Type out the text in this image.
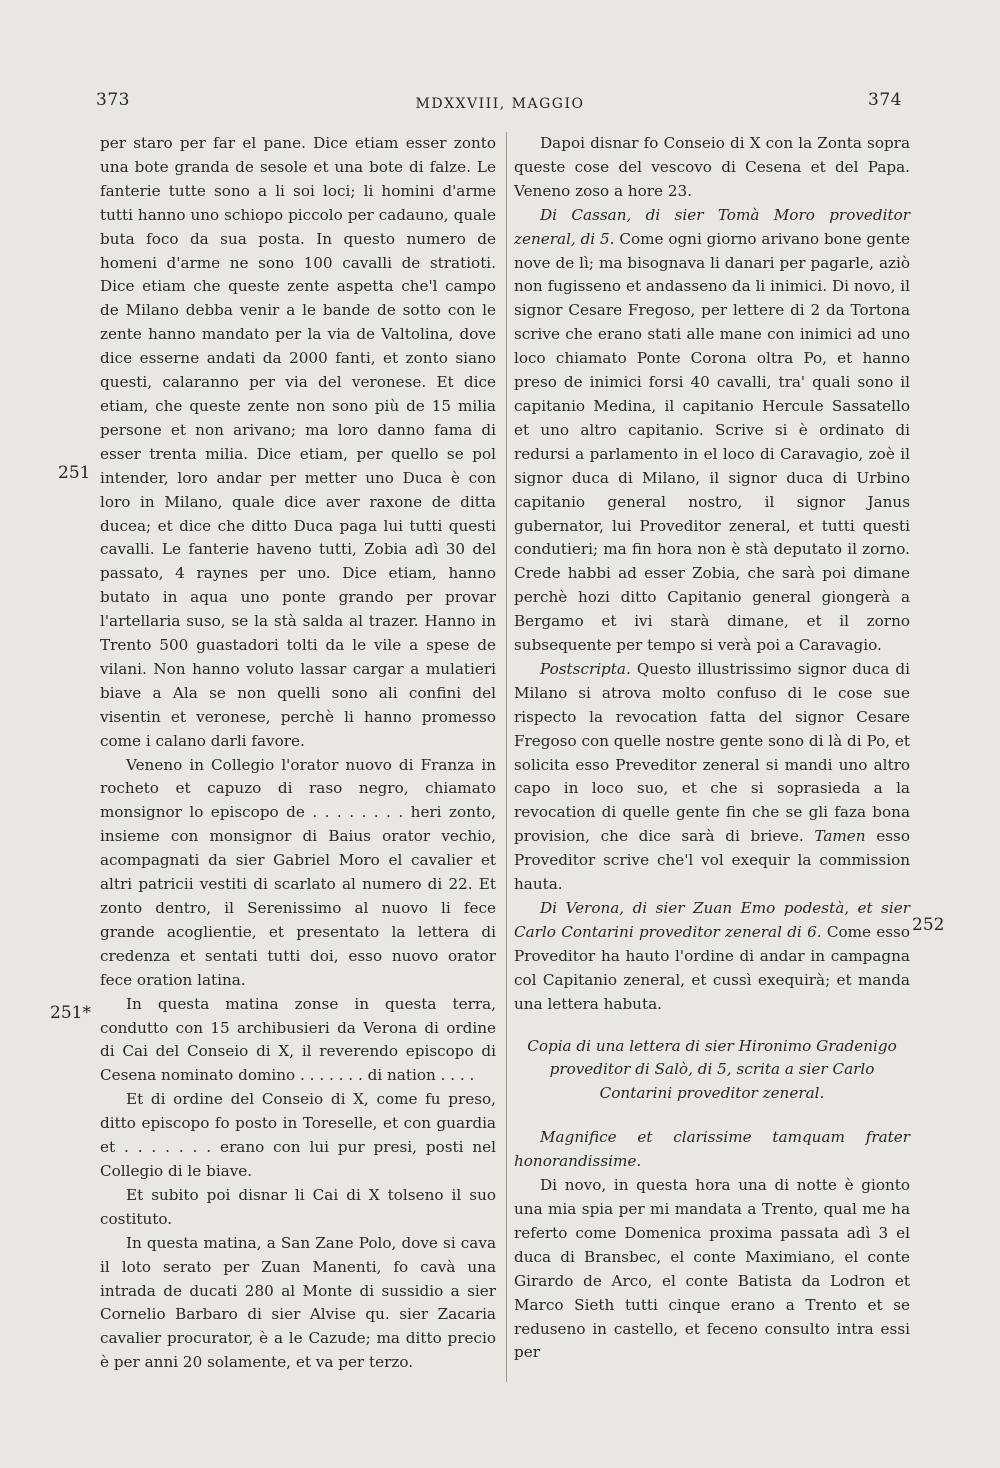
373	MDXXVIII, MAGGIO	374
251
251*
252

per staro per far el pane. Dice etiam esser zonto una bote granda de sesole et una bote di falze. Le fanterie tutte sono a li soi loci; li homini d'arme tutti hanno uno schiopo piccolo per cadauno, quale buta foco da sua posta. In questo numero de homeni d'arme ne sono 100 cavalli de stratioti. Dice etiam che queste zente aspetta che'l campo de Milano debba venir a le bande de sotto con le zente hanno mandato per la via de Valtolina, dove dice esserne andati da 2000 fanti, et zonto siano questi, calaranno per via del veronese. Et dice etiam, che queste zente non sono più de 15 milia persone et non arivano; ma loro danno fama di esser trenta milia. Dice etiam, per quello se pol intender, loro andar per metter uno Duca è con loro in Milano, quale dice aver raxone de ditta ducea; et dice che ditto Duca paga lui tutti questi cavalli. Le fanterie haveno tutti, Zobia adì 30 del passato, 4 raynes per uno. Dice etiam, hanno butato in aqua uno ponte grando per provar l'artellaria suso, se la stà salda al trazer. Hanno in Trento 500 guastadori tolti da le vile a spese de vilani. Non hanno voluto lassar cargar a mulatieri biave a Ala se non quelli sono ali confini del visentin et veronese, perchè li hanno promesso come i calano darli favore.

Veneno in Collegio l'orator nuovo di Franza in rocheto et capuzo di raso negro, chiamato monsignor lo episcopo de . . . . . . . . heri zonto, insieme con monsignor di Baius orator vechio, acompagnati da sier Gabriel Moro el cavalier et altri patricii vestiti di scarlato al numero di 22. Et zonto dentro, il Serenissimo al nuovo li fece grande acoglientie, et presentato la lettera di credenza et sentati tutti doi, esso nuovo orator fece oration latina.

In questa matina zonse in questa terra, condutto con 15 archibusieri da Verona di ordine di Cai del Conseio di X, il reverendo episcopo di Cesena nominato domino . . . . . . . di nation . . . .

Et di ordine del Conseio di X, come fu preso, ditto episcopo fo posto in Toreselle, et con guardia et . . . . . . . erano con lui pur presi, posti nel Collegio di le biave.

Et subito poi disnar li Cai di X tolseno il suo costituto.

In questa matina, a San Zane Polo, dove si cava il loto serato per Zuan Manenti, fo cavà una intrada de ducati 280 al Monte di sussidio a sier Cornelio Barbaro di sier Alvise qu. sier Zacaria cavalier procurator, è a le Cazude; ma ditto precio è per anni 20 solamente, et va per terzo.

Dapoi disnar fo Conseio di X con la Zonta sopra queste cose del vescovo di Cesena et del Papa. Veneno zoso a hore 23.

Di Cassan, di sier Tomà Moro proveditor zeneral, di 5. Come ogni giorno arivano bone gente nove de lì; ma bisognava li danari per pagarle, aziò non fugisseno et andasseno da li inimici. Di novo, il signor Cesare Fregoso, per lettere di 2 da Tortona scrive che erano stati alle mane con inimici ad uno loco chiamato Ponte Corona oltra Po, et hanno preso de inimici forsi 40 cavalli, tra' quali sono il capitanio Medina, il capitanio Hercule Sassatello et uno altro capitanio. Scrive si è ordinato di redursi a parlamento in el loco di Caravagio, zoè il signor duca di Milano, il signor duca di Urbino capitanio general nostro, il signor Janus gubernator, lui Proveditor zeneral, et tutti questi condutieri; ma fin hora non è stà deputato il zorno. Crede habbi ad esser Zobia, che sarà poi dimane perchè hozi ditto Capitanio general giongerà a Bergamo et ivi starà dimane, et il zorno subsequente per tempo si verà poi a Caravagio.

Postscripta. Questo illustrissimo signor duca di Milano si atrova molto confuso di le cose sue rispecto la revocation fatta del signor Cesare Fregoso con quelle nostre gente sono di là di Po, et solicita esso Preveditor zeneral si mandi uno altro capo in loco suo, et che si soprasieda a la revocation di quelle gente fin che se gli faza bona provision, che dice sarà di brieve. Tamen esso Proveditor scrive che'l vol exequir la commission hauta.

Di Verona, di sier Zuan Emo podestà, et sier Carlo Contarini proveditor zeneral di 6. Come esso Proveditor ha hauto l'ordine di andar in campagna col Capitanio zeneral, et cussì exequirà; et manda una lettera habuta.

Copia di una lettera di sier Hironimo Gradenigo proveditor di Salò, di 5, scrita a sier Carlo Contarini proveditor zeneral.

Magnifice et clarissime tamquam frater honorandissime.

Di novo, in questa hora una di notte è gionto una mia spia per mi mandata a Trento, qual me ha referto come Domenica proxima passata adì 3 el duca di Bransbec, el conte Maximiano, el conte Girardo de Arco, el conte Batista da Lodron et Marco Sieth tutti cinque erano a Trento et se reduseno in castello, et feceno consulto intra essi per
